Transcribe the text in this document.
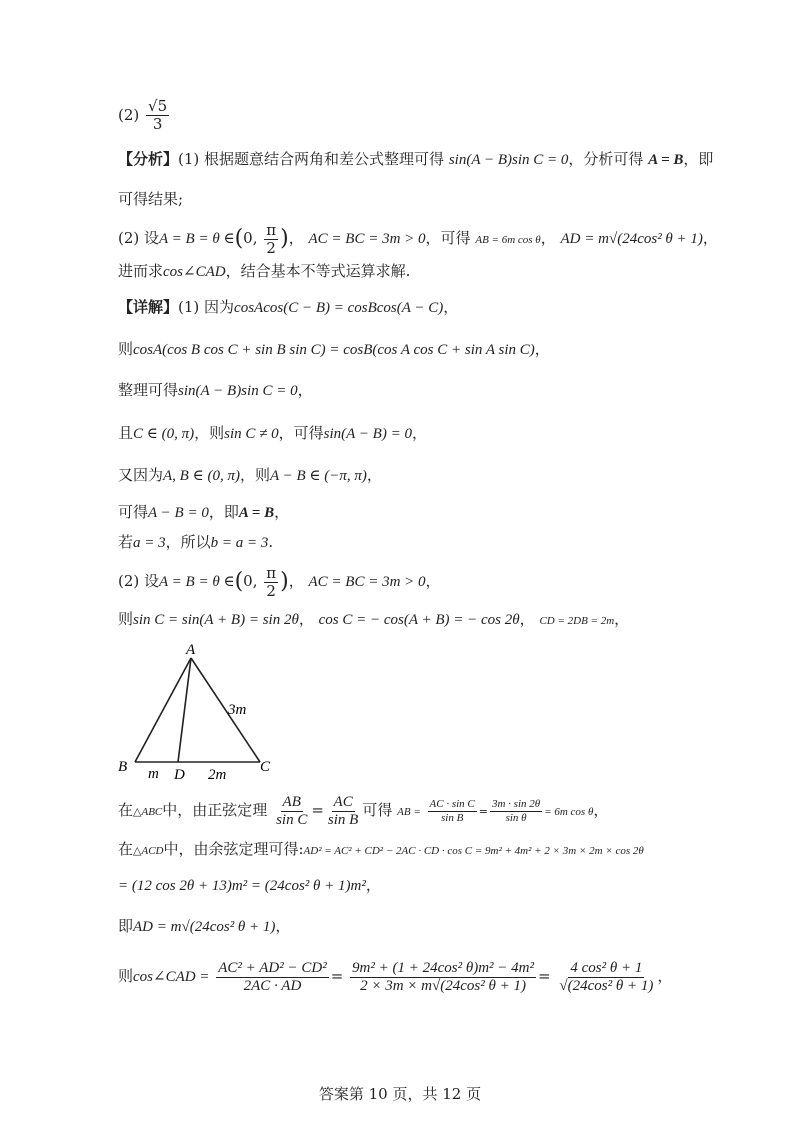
$(2) \frac{√5}{3}$
【分析】(1) 根据题意结合两角和差公式整理可得 sin(A − B)sin C = 0，分析可得 A = B，即
可得结果;
(2) 设A = B = θ ∈(0, $\frac{\pi}{2}$ )， AC = BC = 3m > 0，可得 AB = 6m cos θ， AD = m√(24cos² θ + 1)，
进而求cos∠CAD，结合基本不等式运算求解.
【详解】(1) 因为cosAcos(C − B) = cosBcos(A − C)，
则cosA(cos B cos C + sin B sin C) = cosB(cos A cos C + sin A sin C)，
整理可得sin(A − B)sin C = 0，
且C ∈ (0, π)，则sin C ≠ 0，可得sin(A − B) = 0，
又因为A, B ∈ (0, π)，则A − B ∈ (−π, π)，
可得A − B = 0，即A = B，
若a = 3，所以b = a = 3.
(2) 设A = B = θ ∈(0, $\frac{\pi}{2}$ )， AC = BC = 3m > 0，
则sin C = sin(A + B) = sin 2θ， cos C = − cos(A + B) = − cos 2θ， CD = 2DB = 2m，
A
B	C
D
3m
m	2m
在△ABC中，由正弦定理 $\frac{AB}{\text{sin C}} = \frac{AC}{\text{sin B}}$ 可得 AB = $\frac{\text{AC · sin C}}{\text{sin B}} = \frac{3m \cdot \sin 2\theta}{\text{sin θ}} = 6m$ cos θ，
在△ACD中，由余弦定理可得:AD² = AC² + CD² − 2AC · CD · cos C = 9m² + 4m² + 2 × 3m × 2m × cos 2θ
= (12 cos 2θ + 13)m² = (24cos² θ + 1)m²，
即AD = m√(24cos² θ + 1)，
则cos∠CAD = $\frac{\text{AC² + AD² − CD²}}{2AC \cdot AD} = \frac{\text{9m² + (1 + 24cos² θ)m² − 4m²}}{\text{2 × 3m × m√(24cos² θ + 1)}} = \frac{\text{4 cos² θ + 1}}{\text{√(24cos² θ + 1)}}$ ，
答案第 10 页，共 12 页
